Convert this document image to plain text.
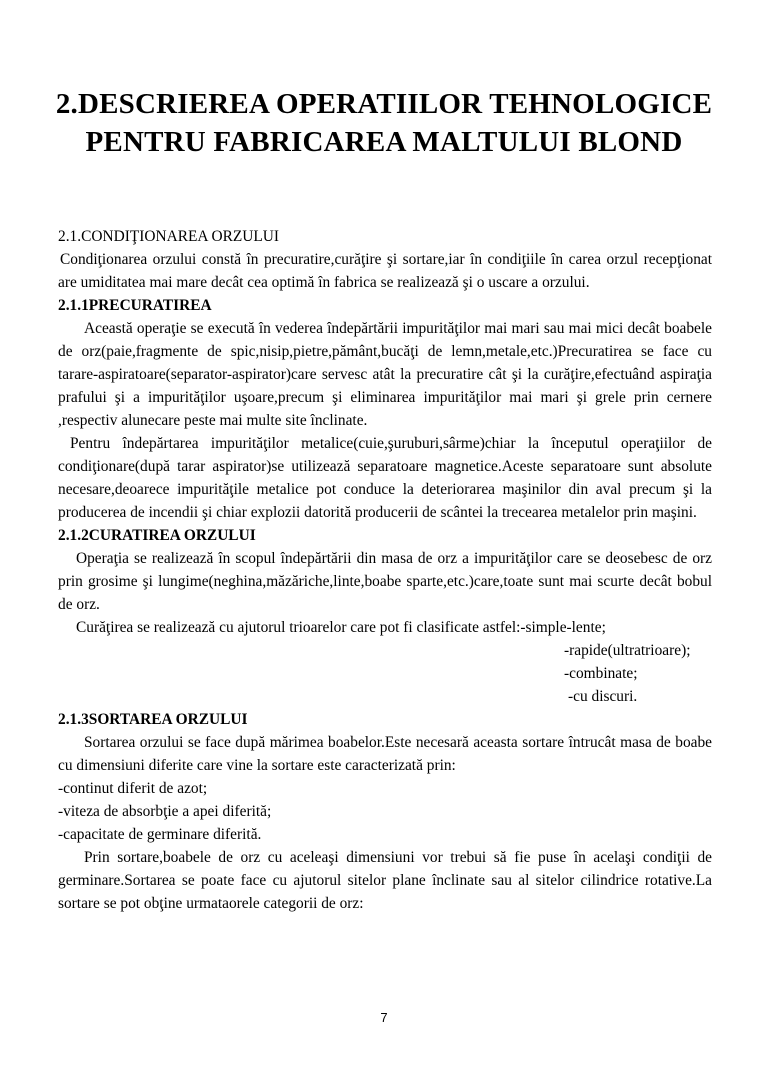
2.DESCRIEREA OPERATIILOR TEHNOLOGICE
PENTRU FABRICAREA MALTULUI BLOND

2.1.CONDIŢIONAREA ORZULUI

Condiţionarea orzului constă în precuratire,curăţire şi sortare,iar în condiţiile în carea orzul recepţionat are umiditatea mai mare decât cea optimă în fabrica se realizează şi o uscare a orzului.

2.1.1PRECURATIREA

Această operaţie se execută în vederea îndepărtării impurităţilor mai mari sau mai mici decât boabele de orz(paie,fragmente de spic,nisip,pietre,pământ,bucăţi de lemn,metale,etc.)Precuratirea se face cu tarare-aspiratoare(separator-aspirator)care servesc atât la precuratire cât şi la curăţire,efectuând aspiraţia prafului şi a impurităţilor uşoare,precum şi eliminarea impurităţilor mai mari şi grele prin cernere ,respectiv alunecare peste mai multe site înclinate.

Pentru îndepărtarea impurităţilor metalice(cuie,şuruburi,sârme)chiar la începutul operaţiilor de condiţionare(după tarar aspirator)se utilizează separatoare magnetice.Aceste separatoare sunt absolute necesare,deoarece impurităţile metalice pot conduce la deteriorarea maşinilor din aval precum şi la producerea de incendii şi chiar explozii datorită producerii de scântei la trecearea metalelor prin maşini.

2.1.2CURATIREA ORZULUI

Operaţia se realizează în scopul îndepărtării din masa de orz a impurităţilor care se deosebesc de orz prin grosime şi lungime(neghina,măzăriche,linte,boabe sparte,etc.)care,toate sunt mai scurte decât bobul de orz.

Curăţirea se realizează cu ajutorul trioarelor care pot fi clasificate astfel:-simple-lente;

-rapide(ultratrioare);

-combinate;

-cu discuri.

2.1.3SORTAREA ORZULUI

Sortarea orzului se face după mărimea boabelor.Este necesară aceasta sortare întrucât masa de boabe cu dimensiuni diferite care vine la sortare este caracterizată prin:

-continut diferit de azot;

-viteza de absorbţie a apei diferită;

-capacitate de germinare diferită.

Prin sortare,boabele de orz cu aceleaşi dimensiuni vor trebui să fie puse în acelaşi condiţii de germinare.Sortarea se poate face cu ajutorul sitelor plane înclinate sau al sitelor cilindrice rotative.La sortare se pot obţine urmataorele categorii de orz:

7
